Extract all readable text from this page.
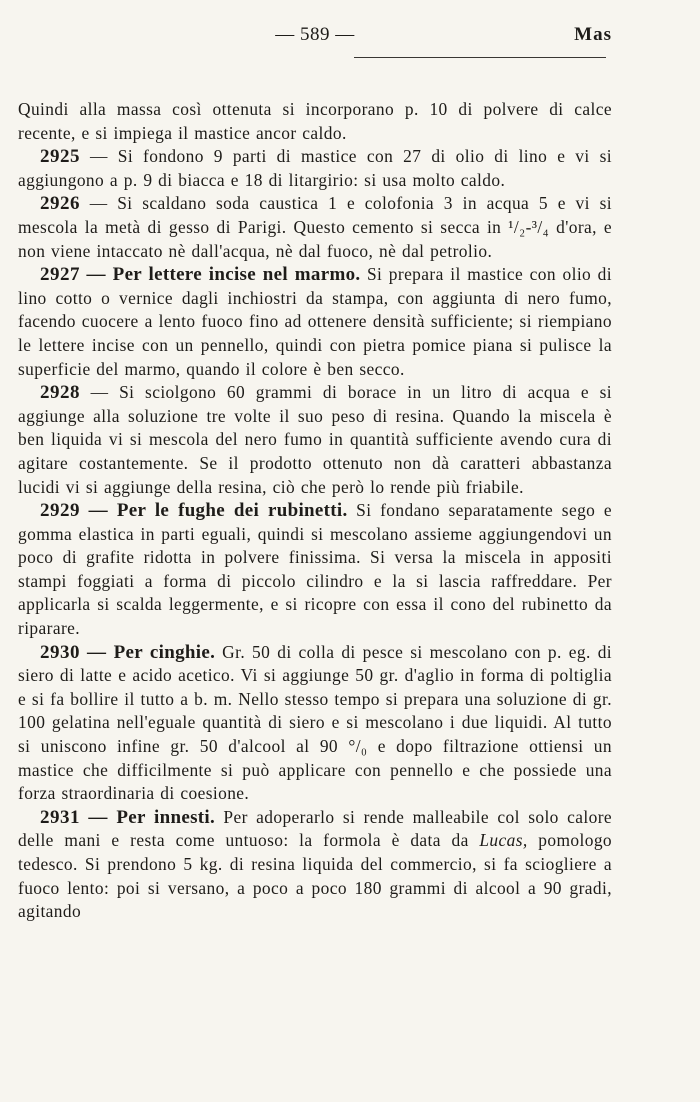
— 589 —	Mas

Quindi alla massa così ottenuta si incorporano p. 10 di polvere di calce recente, e si impiega il mastice ancor caldo.

2925 — Si fondono 9 parti di mastice con 27 di olio di lino e vi si aggiungono a p. 9 di biacca e 18 di litargirio: si usa molto caldo.

2926 — Si scaldano soda caustica 1 e colofonia 3 in acqua 5 e vi si mescola la metà di gesso di Parigi. Questo cemento si secca in ¹/₂-³/₄ d'ora, e non viene intaccato nè dall'acqua, nè dal fuoco, nè dal petrolio.

2927 — Per lettere incise nel marmo. Si prepara il mastice con olio di lino cotto o vernice dagli inchiostri da stampa, con aggiunta di nero fumo, facendo cuocere a lento fuoco fino ad ottenere densità sufficiente; si riempiano le lettere incise con un pennello, quindi con pietra pomice piana si pulisce la superficie del marmo, quando il colore è ben secco.

2928 — Si sciolgono 60 grammi di borace in un litro di acqua e si aggiunge alla soluzione tre volte il suo peso di resina. Quando la miscela è ben liquida vi si mescola del nero fumo in quantità sufficiente avendo cura di agitare costantemente. Se il prodotto ottenuto non dà caratteri abbastanza lucidi vi si aggiunge della resina, ciò che però lo rende più friabile.

2929 — Per le fughe dei rubinetti. Si fondano separatamente sego e gomma elastica in parti eguali, quindi si mescolano assieme aggiungendovi un poco di grafite ridotta in polvere finissima. Si versa la miscela in appositi stampi foggiati a forma di piccolo cilindro e la si lascia raffreddare. Per applicarla si scalda leggermente, e si ricopre con essa il cono del rubinetto da riparare.

2930 — Per cinghie. Gr. 50 di colla di pesce si mescolano con p. eg. di siero di latte e acido acetico. Vi si aggiunge 50 gr. d'aglio in forma di poltiglia e si fa bollire il tutto a b. m. Nello stesso tempo si prepara una soluzione di gr. 100 gelatina nell'eguale quantità di siero e si mescolano i due liquidi. Al tutto si uniscono infine gr. 50 d'alcool al 90 °/₀ e dopo filtrazione ottiensi un mastice che difficilmente si può applicare con pennello e che possiede una forza straordinaria di coesione.

2931 — Per innesti. Per adoperarlo si rende malleabile col solo calore delle mani e resta come untuoso: la formola è data da Lucas, pomologo tedesco. Si prendono 5 kg. di resina liquida del commercio, si fa sciogliere a fuoco lento: poi si versano, a poco a poco 180 grammi di alcool a 90 gradi, agitando
